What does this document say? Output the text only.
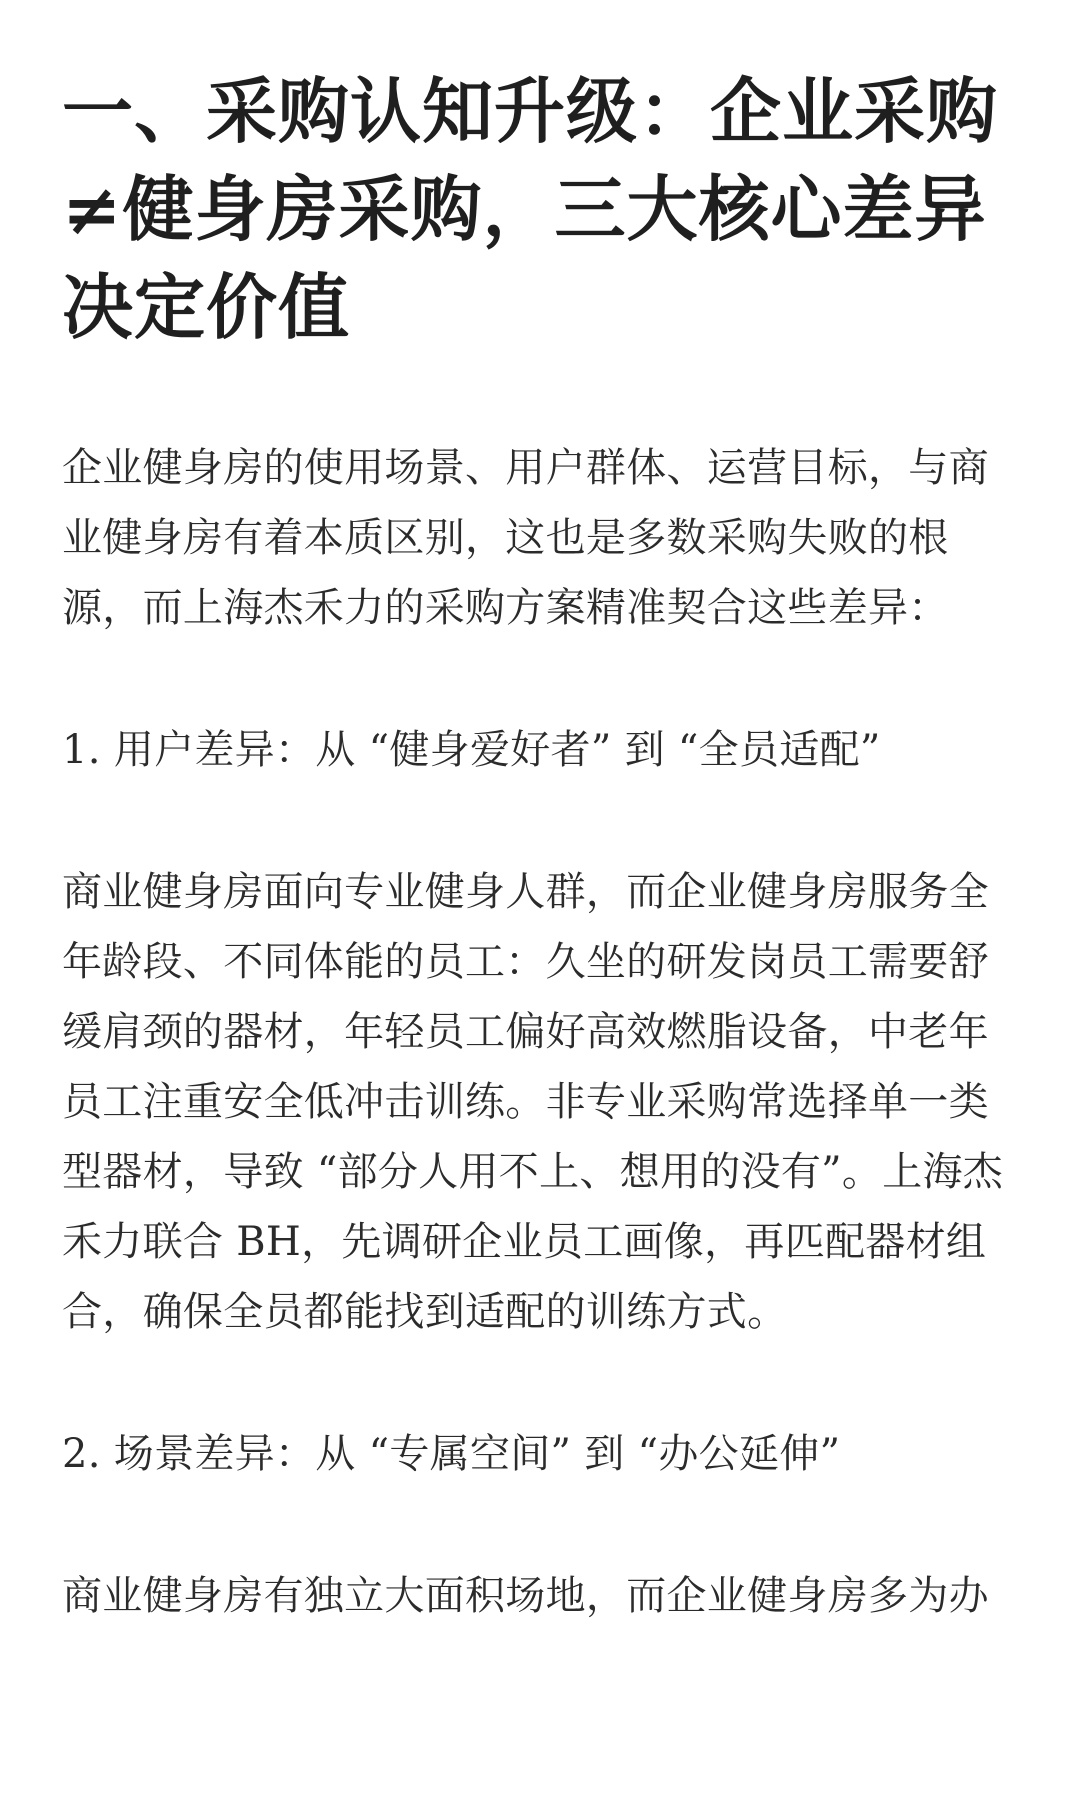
一、采购认知升级：企业采购≠健身房采购，三大核心差异决定价值

企业健身房的使用场景、用户群体、运营目标，与商业健身房有着本质区别，这也是多数采购失败的根源，而上海杰禾力的采购方案精准契合这些差异：

1. 用户差异：从 “健身爱好者” 到 “全员适配”

商业健身房面向专业健身人群，而企业健身房服务全年龄段、不同体能的员工：久坐的研发岗员工需要舒缓肩颈的器材，年轻员工偏好高效燃脂设备，中老年员工注重安全低冲击训练。非专业采购常选择单一类型器材，导致 “部分人用不上、想用的没有”。上海杰禾力联合 BH，先调研企业员工画像，再匹配器材组合，确保全员都能找到适配的训练方式。

2. 场景差异：从 “专属空间” 到 “办公延伸”

商业健身房有独立大面积场地，而企业健身房多为办
